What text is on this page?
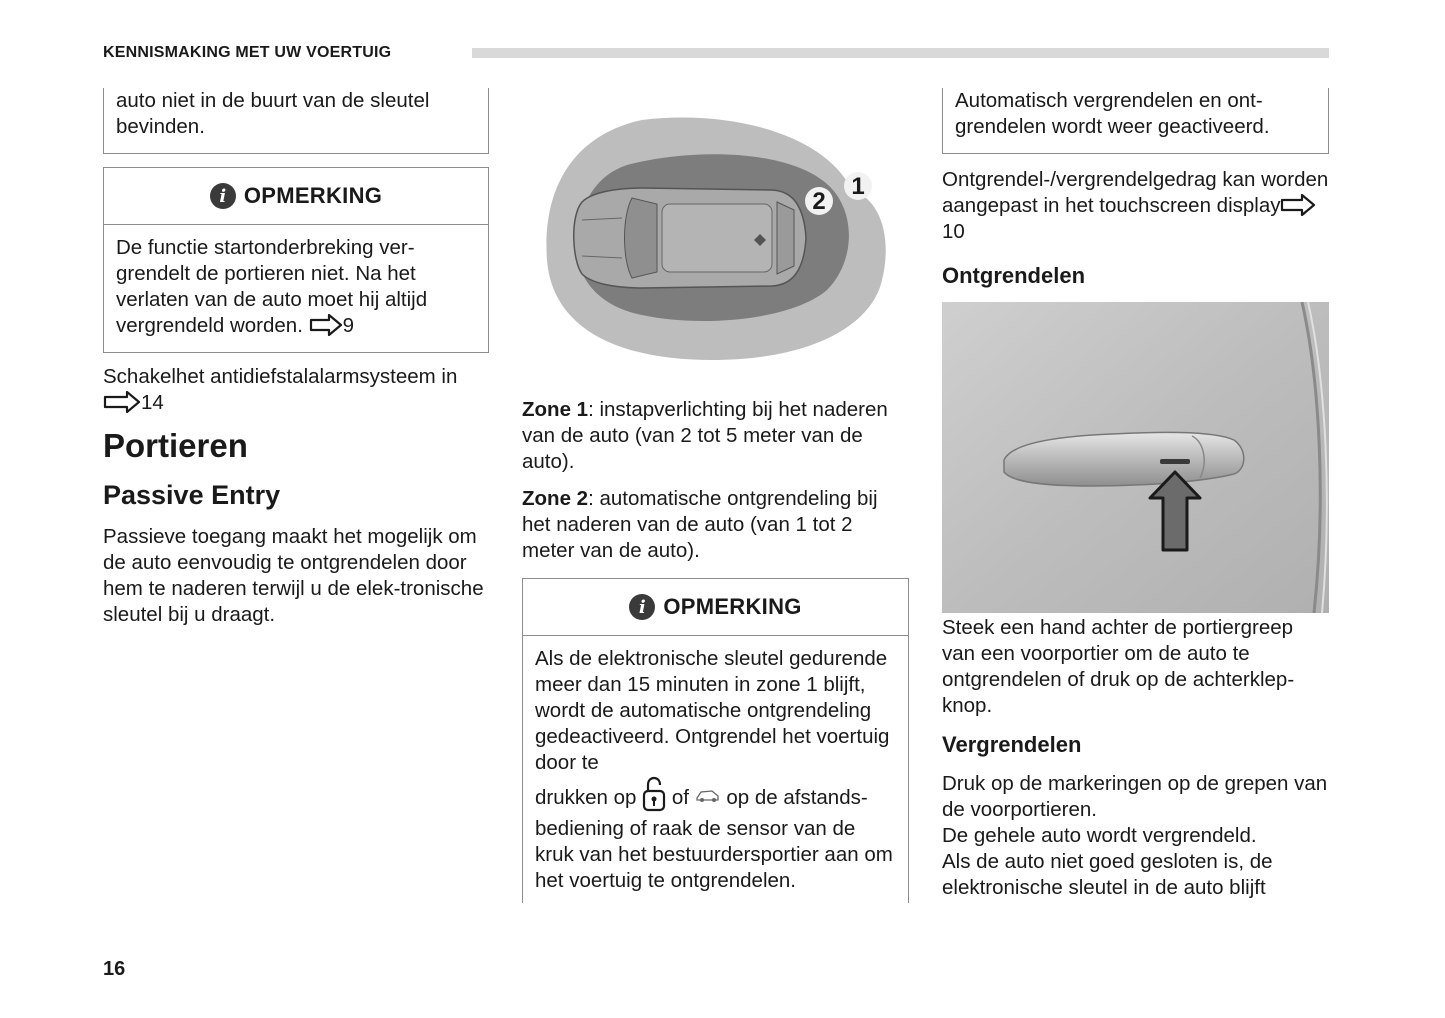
KENNISMAKING MET UW VOERTUIG

auto niet in de buurt van de sleutel bevinden.

i OPMERKING

De functie startonderbreking ver-grendelt de portieren niet. Na het verlaten van de auto moet hij altijd vergrendeld worden. 9

Schakelhet antidiefstalalarmsysteem in
14

Portieren
Passive Entry

Passieve toegang maakt het mogelijk om de auto eenvoudig te ontgrendelen door hem te naderen terwijl u de elek-tronische sleutel bij u draagt.

1
2

Zone 1: instapverlichting bij het naderen van de auto (van 2 tot 5 meter van de auto).

Zone 2: automatische ontgrendeling bij het naderen van de auto (van 1 tot 2 meter van de auto).

i OPMERKING

Als de elektronische sleutel gedurende meer dan 15 minuten in zone 1 blijft, wordt de automatische ontgrendeling gedeactiveerd. Ontgrendel het voertuig door te

drukken op of op de afstands-

bediening of raak de sensor van de kruk van het bestuurdersportier aan om het voertuig te ontgrendelen.

Automatisch vergrendelen en ont-grendelen wordt weer geactiveerd.

Ontgrendel-/vergrendelgedrag kan worden aangepast in het touchscreen display10

Ontgrendelen

Steek een hand achter de portiergreep van een voorportier om de auto te ontgrendelen of druk op de achterklep-knop.

Vergrendelen

Druk op de markeringen op de grepen van de voorportieren.

De gehele auto wordt vergrendeld.

Als de auto niet goed gesloten is, de elektronische sleutel in de auto blijft

16
